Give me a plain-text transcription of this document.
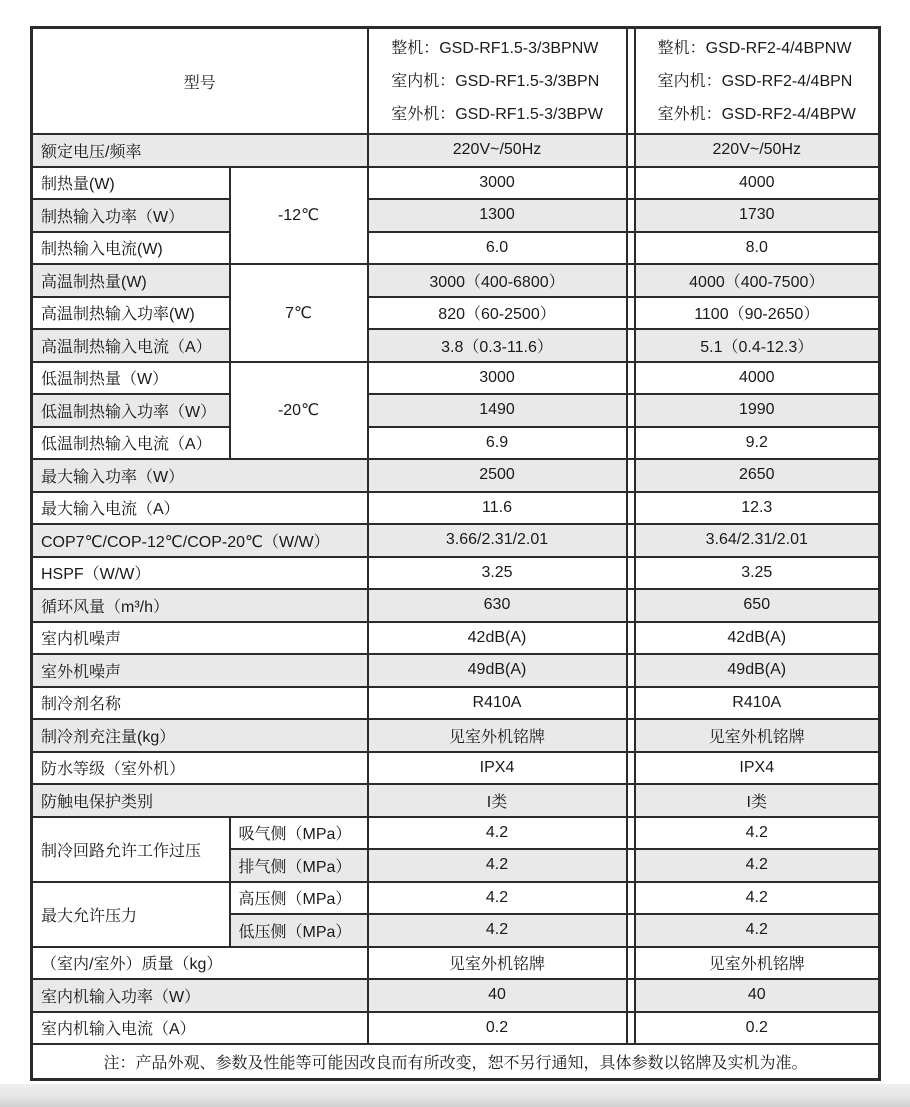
型号	
整机：GSD-RF1.5-3/3BPNW
室内机：GSD-RF1.5-3/3BPN
室外机：GSD-RF1.5-3/3BPW

整机：GSD-RF2-4/4BPNW
室内机：GSD-RF2-4/4BPN
室外机：GSD-RF2-4/4BPW

额定电压/频率		220V~/50Hz		220V~/50Hz
制热量(W)	-12℃	3000		4000
制热输入功率（W）		1300		1730
制热输入电流(W)		6.0		8.0
高温制热量(W)	7℃	3000（400-6800）		4000（400-7500）
高温制热输入功率(W)		820（60-2500）		1100（90-2650）
高温制热输入电流（A）		3.8（0.3-11.6）		5.1（0.4-12.3）
低温制热量（W）	-20℃	3000		4000
低温制热输入功率（W）		1490		1990
低温制热输入电流（A）		6.9		9.2
最大输入功率（W）		2500		2650
最大输入电流（A）		11.6		12.3
COP7℃/COP-12℃/COP-20℃（W/W）		3.66/2.31/2.01		3.64/2.31/2.01
HSPF（W/W）		3.25		3.25
循环风量（m³/h）		630		650
室内机噪声		42dB(A)		42dB(A)
室外机噪声		49dB(A)		49dB(A)
制冷剂名称		R410A		R410A
制冷剂充注量(kg）		见室外机铭牌		见室外机铭牌
防水等级（室外机）		IPX4		IPX4
防触电保护类别		I类		I类
制冷回路允许工作过压	吸气侧（MPa）	4.2		4.2
	排气侧（MPa）	4.2		4.2
最大允许压力	高压侧（MPa）	4.2		4.2
	低压侧（MPa）	4.2		4.2
（室内/室外）质量（kg）		见室外机铭牌		见室外机铭牌
室内机输入功率（W）		40		40
室内机输入电流（A）		0.2		0.2
注：产品外观、参数及性能等可能因改良而有所改变，恕不另行通知，具体参数以铭牌及实机为准。				
